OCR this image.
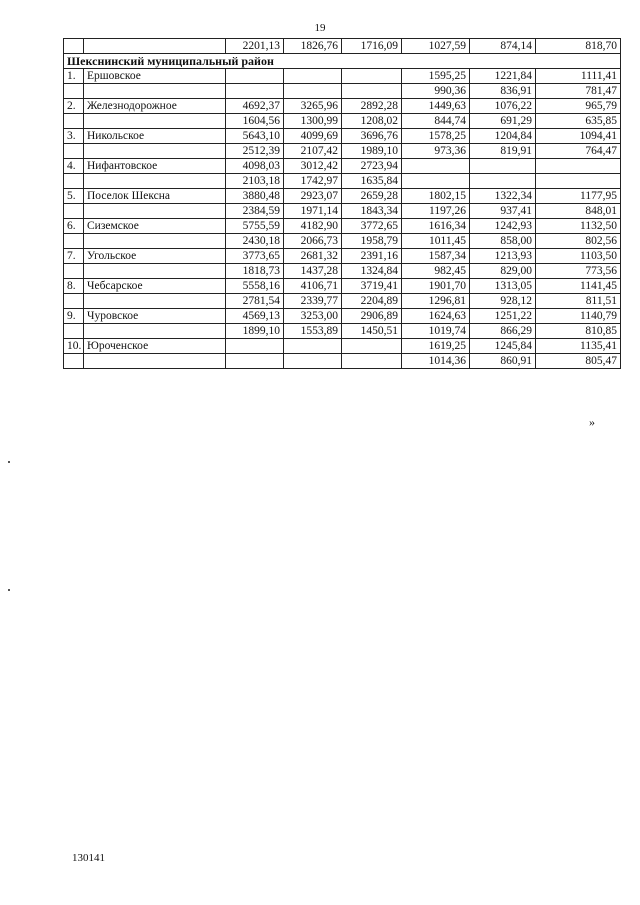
19
		2201,13	1826,76	1716,09	1027,59	874,14	818,70
Шекснинский муниципальный район							
1.	Ершовское				1595,25	1221,84	1111,41
					990,36	836,91	781,47
2.	Железнодорожное	4692,37	3265,96	2892,28	1449,63	1076,22	965,79
		1604,56	1300,99	1208,02	844,74	691,29	635,85
3.	Никольское	5643,10	4099,69	3696,76	1578,25	1204,84	1094,41
		2512,39	2107,42	1989,10	973,36	819,91	764,47
4.	Нифантовское	4098,03	3012,42	2723,94			
		2103,18	1742,97	1635,84			
5.	Поселок Шексна	3880,48	2923,07	2659,28	1802,15	1322,34	1177,95
		2384,59	1971,14	1843,34	1197,26	937,41	848,01
6.	Сиземское	5755,59	4182,90	3772,65	1616,34	1242,93	1132,50
		2430,18	2066,73	1958,79	1011,45	858,00	802,56
7.	Угольское	3773,65	2681,32	2391,16	1587,34	1213,93	1103,50
		1818,73	1437,28	1324,84	982,45	829,00	773,56
8.	Чебсарское	5558,16	4106,71	3719,41	1901,70	1313,05	1141,45
		2781,54	2339,77	2204,89	1296,81	928,12	811,51
9.	Чуровское	4569,13	3253,00	2906,89	1624,63	1251,22	1140,79
		1899,10	1553,89	1450,51	1019,74	866,29	810,85
10.	Юроченское				1619,25	1245,84	1135,41
					1014,36	860,91	805,47
»
130141
